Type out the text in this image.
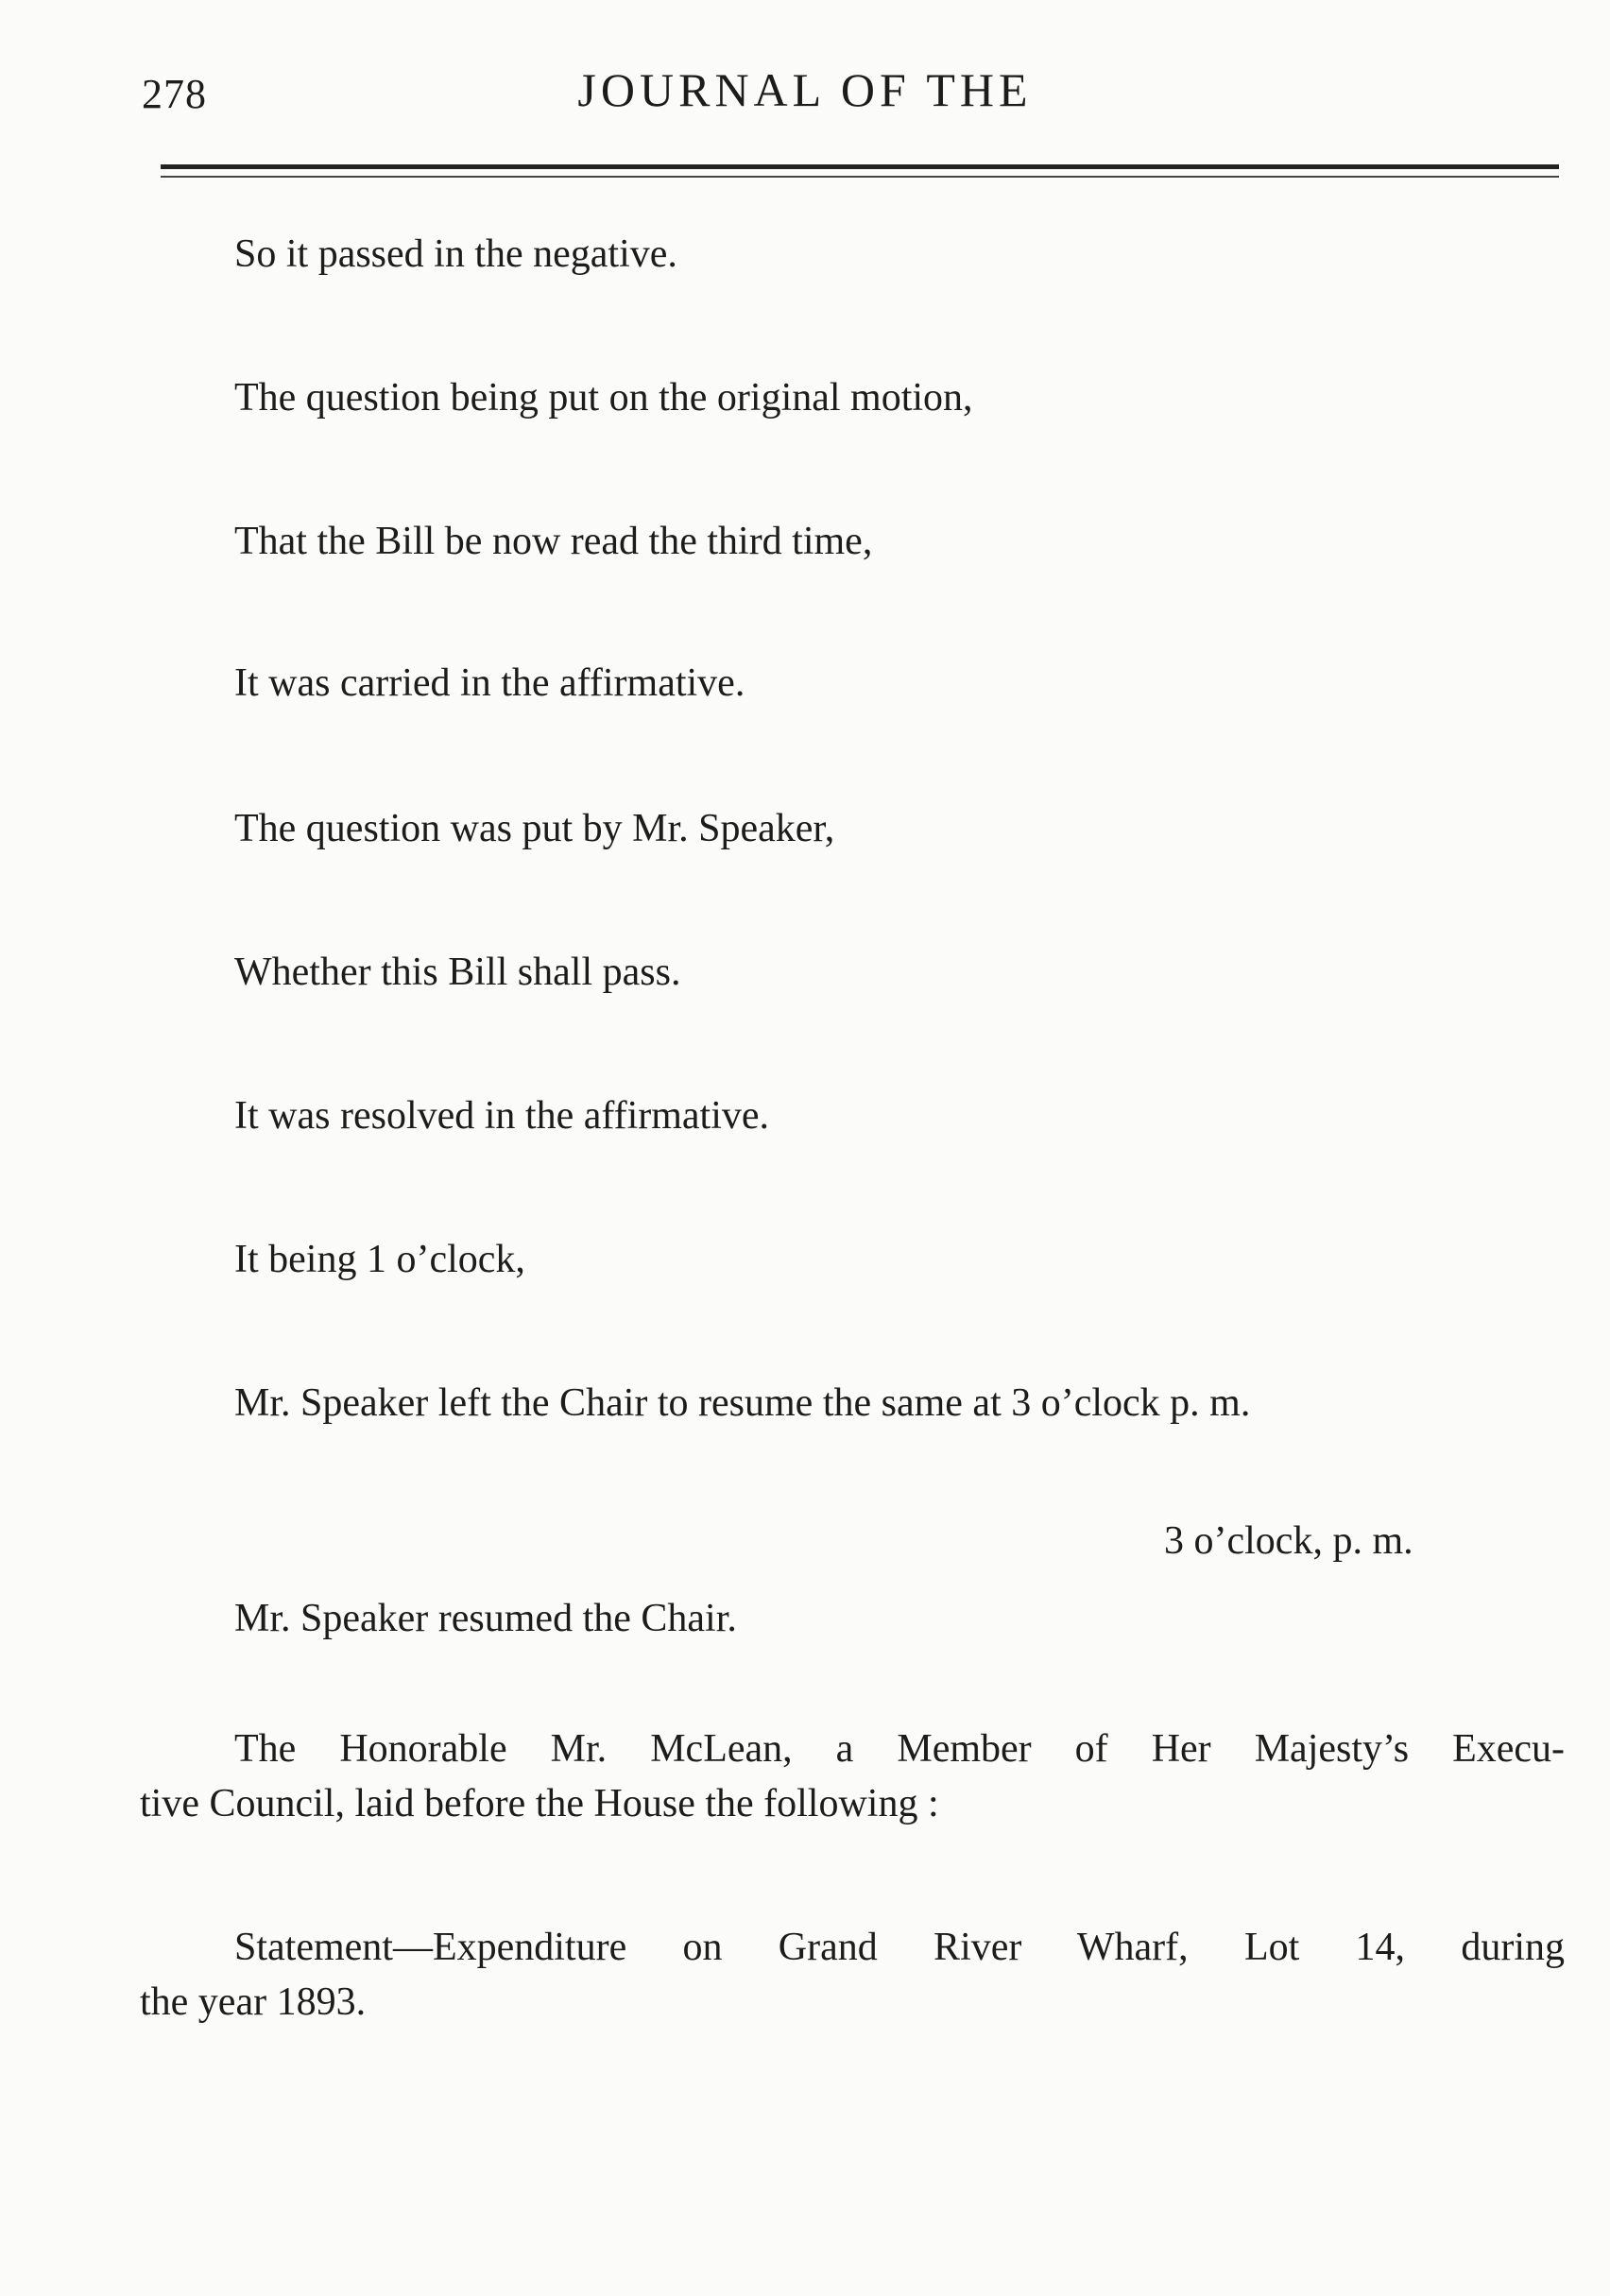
278	JOURNAL OF THE
So it passed in the negative.
The question being put on the original motion,
That the Bill be now read the third time,
It was carried in the affirmative.
The question was put by Mr. Speaker,
Whether this Bill shall pass.
It was resolved in the affirmative.
It being 1 o’clock,
Mr. Speaker left the Chair to resume the same at 3 o’clock p. m.
3 o’clock, p. m.
Mr. Speaker resumed the Chair.
The Honorable Mr. McLean, a Member of Her Majesty’s Execu-
tive Council, laid before the House the following :
Statement—Expenditure on Grand River Wharf, Lot 14, during
the year 1893.
